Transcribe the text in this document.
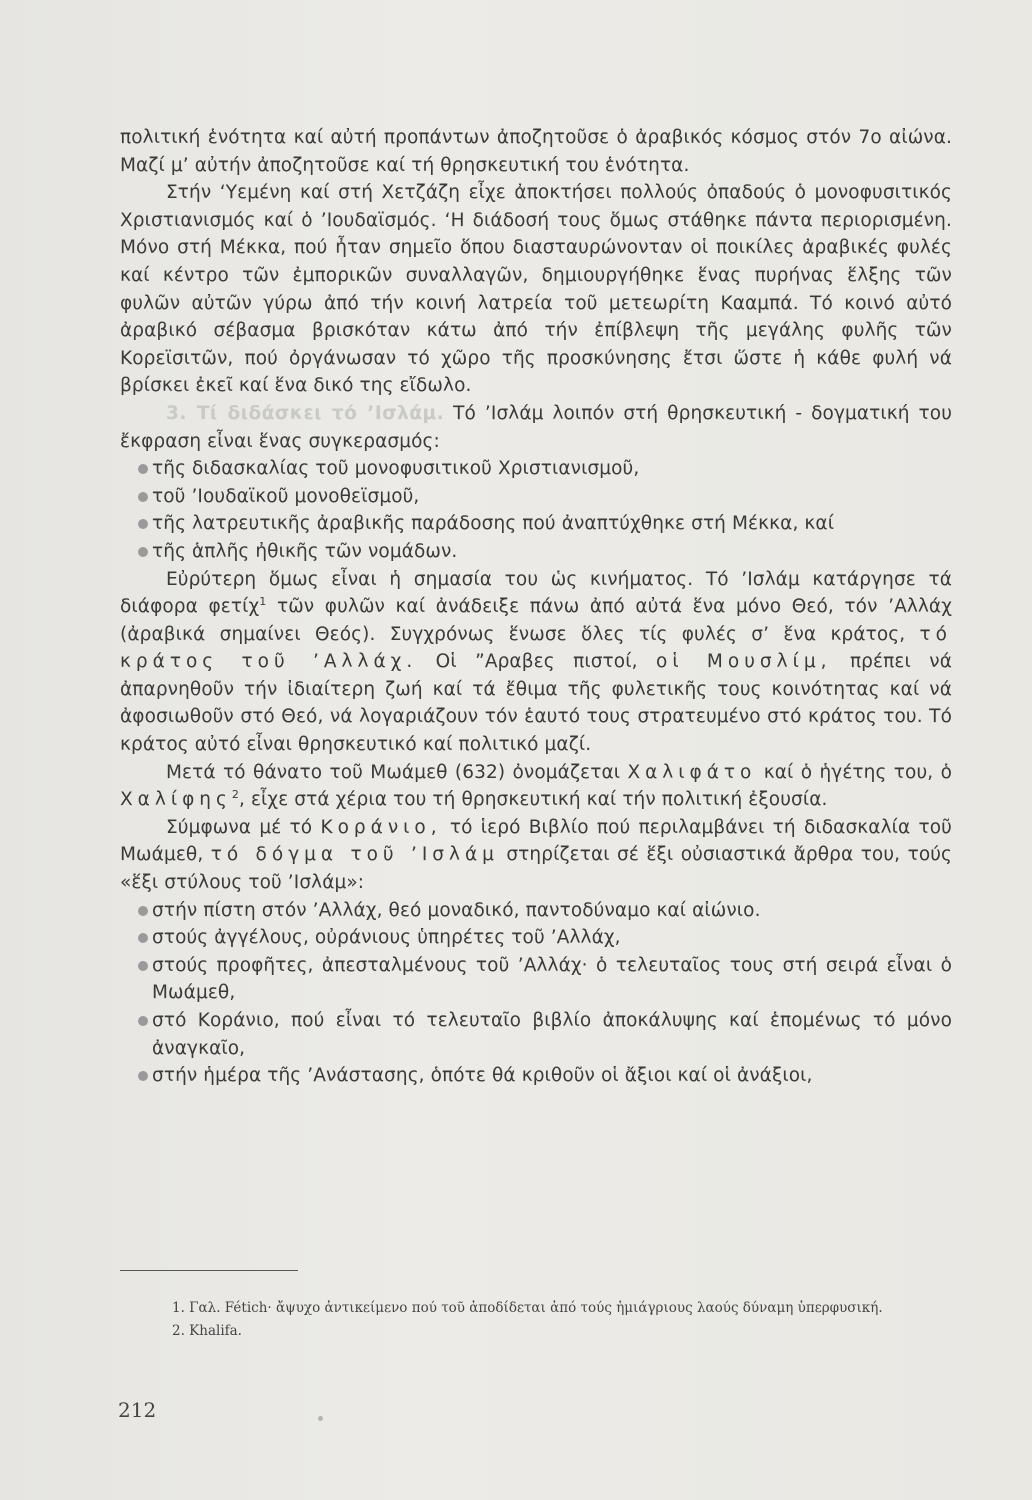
πολιτική ἑνότητα καί αὐτή προπάντων ἀποζητοῦσε ὁ ἀραβικός κόσμος στόν 7ο αἰώνα. Μαζί μ’ αὐτήν ἀποζητοῦσε καί τή θρησκευτική του ἑνότητα.

Στήν ‘Υεμένη καί στή Χετζάζη εἶχε ἀποκτήσει πολλούς ὀπαδούς ὁ μονοφυσιτικός Χριστιανισμός καί ὁ ’Ιουδαϊσμός. ‘Η διάδοσή τους ὅμως στάθηκε πάντα περιορισμένη. Μόνο στή Μέκκα, πού ἦταν σημεῖο ὅπου διασταυρώνονταν οἱ ποικίλες ἀραβικές φυλές καί κέντρο τῶν ἐμπορικῶν συναλλαγῶν, δημιουργήθηκε ἕνας πυρήνας ἕλξης τῶν φυλῶν αὐτῶν γύρω ἀπό τήν κοινή λατρεία τοῦ μετεωρίτη Κααμπά. Τό κοινό αὐτό ἀραβικό σέβασμα βρισκόταν κάτω ἀπό τήν ἐπίβλεψη τῆς μεγάλης φυλῆς τῶν Κορεϊσιτῶν, πού ὀργάνωσαν τό χῶρο τῆς προσκύνησης ἔτσι ὥστε ἡ κάθε φυλή νά βρίσκει ἐκεῖ καί ἕνα δικό της εἴδωλο.

3. Τί διδάσκει τό ’Ισλάμ. Τό ’Ισλάμ λοιπόν στή θρησκευτική - δογματική του ἔκφραση εἶναι ἕνας συγκερασμός:

τῆς διδασκαλίας τοῦ μονοφυσιτικοῦ Χριστιανισμοῦ,
τοῦ ’Ιουδαϊκοῦ μονοθεϊσμοῦ,
τῆς λατρευτικῆς ἀραβικῆς παράδοσης πού ἀναπτύχθηκε στή Μέκκα, καί
τῆς ἁπλῆς ἠθικῆς τῶν νομάδων.

Εὐρύτερη ὅμως εἶναι ἡ σημασία του ὡς κινήματος. Τό ’Ισλάμ κατάργησε τά διάφορα φετίχ$^1$ τῶν φυλῶν καί ἀνάδειξε πάνω ἀπό αὐτά ἕνα μόνο Θεό, τόν ’Αλλάχ (ἀραβικά σημαίνει Θεός). Συγχρόνως ἕνωσε ὅλες τίς φυλές σ’ ἕνα κράτος, τό κράτος τοῦ ’Αλλάχ. Οἱ ”Αραβες πιστοί, οἱ Μουσλίμ, πρέπει νά ἀπαρνηθοῦν τήν ἰδιαίτερη ζωή καί τά ἔθιμα τῆς φυλετικῆς τους κοινότητας καί νά ἀφοσιωθοῦν στό Θεό, νά λογαριάζουν τόν ἑαυτό τους στρατευμένο στό κράτος του. Τό κράτος αὐτό εἶναι θρησκευτικό καί πολιτικό μαζί.

Μετά τό θάνατο τοῦ Μωάμεθ (632) ὀνομάζεται Χαλιφάτο καί ὁ ἡγέτης του, ὁ Χαλίφης$^2$, εἶχε στά χέρια του τή θρησκευτική καί τήν πολιτική ἐξουσία.

Σύμφωνα μέ τό Κοράνιο, τό ἱερό Βιβλίο πού περιλαμβάνει τή διδασκαλία τοῦ Μωάμεθ, τό δόγμα τοῦ ’Ισλάμ στηρίζεται σέ ἕξι οὐσιαστικά ἄρθρα του, τούς «ἕξι στύλους τοῦ ’Ισλάμ»:

στήν πίστη στόν ’Αλλάχ, θεό μοναδικό, παντοδύναμο καί αἰώνιο.
στούς ἀγγέλους, οὐράνιους ὑπηρέτες τοῦ ’Αλλάχ,
στούς προφῆτες, ἀπεσταλμένους τοῦ ’Αλλάχ· ὁ τελευταῖος τους στή σειρά εἶναι ὁ Μωάμεθ,
στό Κοράνιο, πού εἶναι τό τελευταῖο βιβλίο ἀποκάλυψης καί ἑπομένως τό μόνο ἀναγκαῖο,
στήν ἡμέρα τῆς ’Ανάστασης, ὁπότε θά κριθοῦν οἱ ἄξιοι καί οἱ ἀνάξιοι,

1. Γαλ. Fétich· ἄψυχο ἀντικείμενο πού τοῦ ἀποδίδεται ἀπό τούς ἡμιάγριους λαούς δύναμη ὑπερφυσική.

2. Khalifa.

212
